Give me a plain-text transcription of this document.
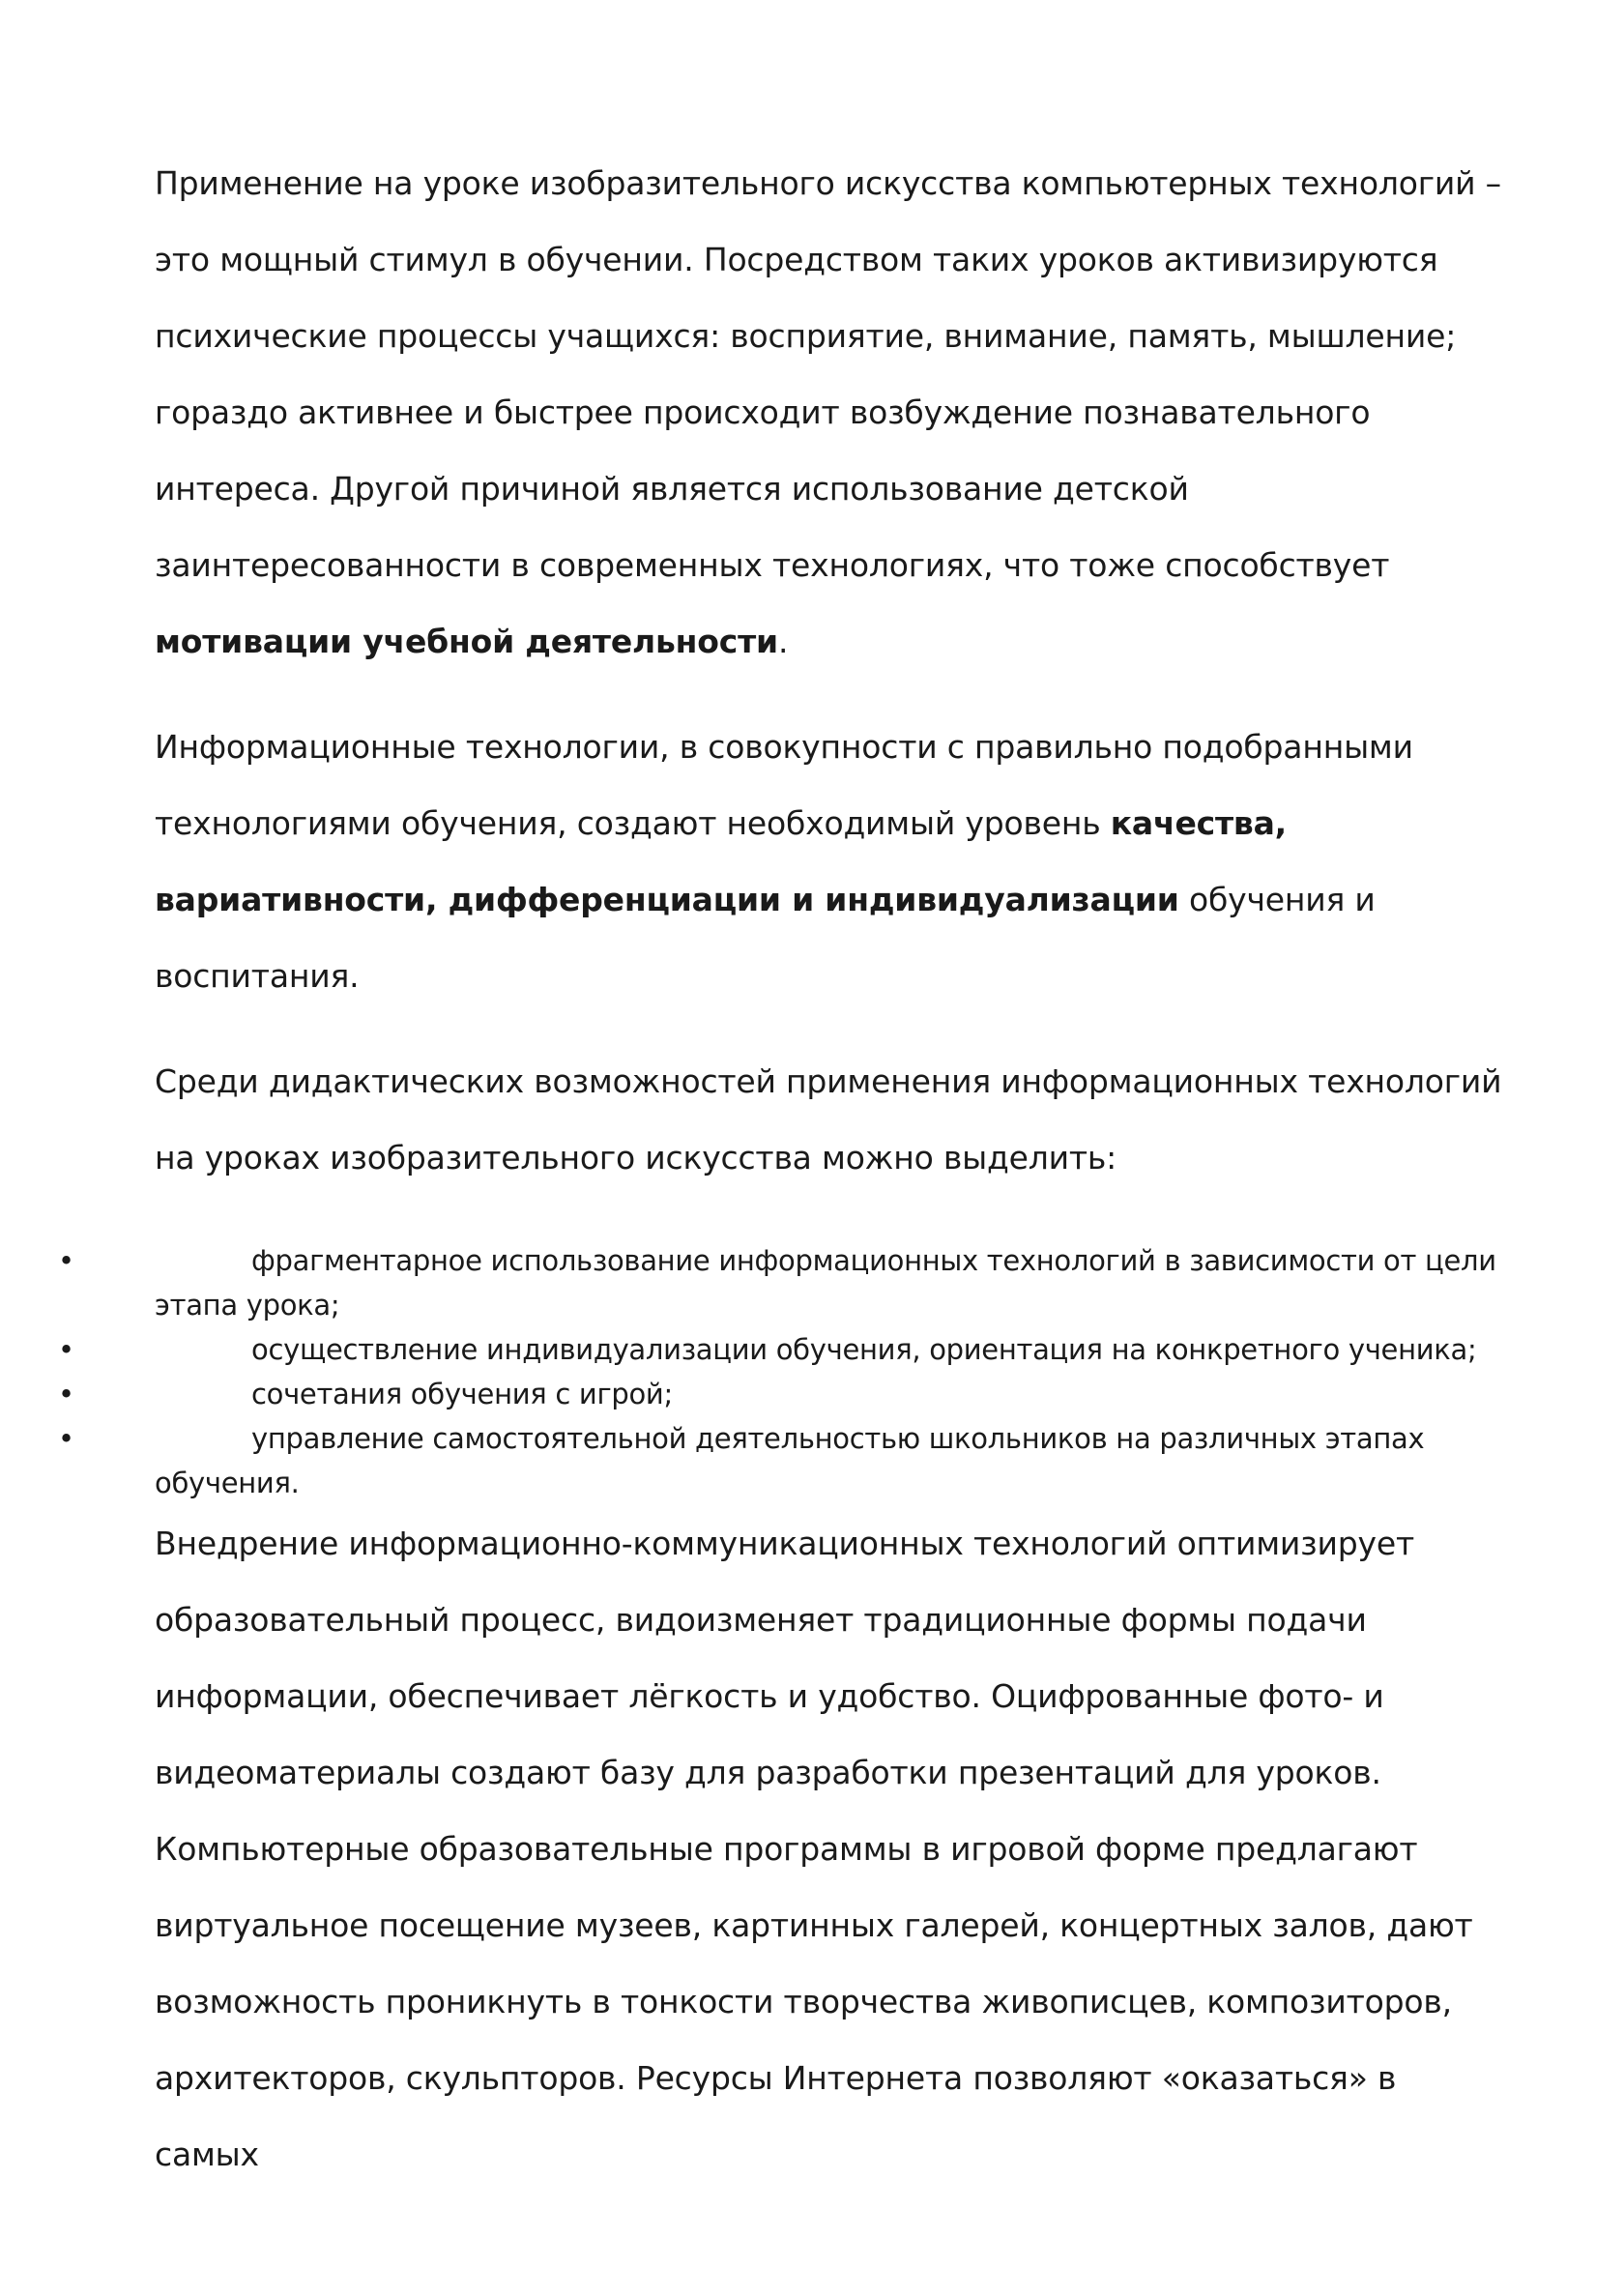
Применение на уроке изобразительного искусства компьютерных технологий – это мощный стимул в обучении. Посредством таких уроков активизируются психические процессы учащихся: восприятие, внимание, память, мышление; гораздо активнее и быстрее происходит возбуждение познавательного интереса. Другой причиной является использование детской заинтересованности в современных технологиях, что тоже способствует мотивации учебной деятельности.

Информационные технологии, в совокупности с правильно подобранными технологиями обучения, создают необходимый уровень качества, вариативности, дифференциации и индивидуализации обучения и воспитания.

Среди дидактических возможностей применения информационных технологий на уроках изобразительного искусства можно выделить:

•	фрагментарное использование информационных технологий в зависимости от цели этапа урока;
•	осуществление индивидуализации обучения, ориентация на конкретного ученика;
•	сочетания обучения с игрой;
•	управление самостоятельной деятельностью школьников на различных этапах обучения.

Внедрение информационно-коммуникационных технологий оптимизирует образовательный процесс, видоизменяет традиционные формы подачи информации, обеспечивает лёгкость и удобство. Оцифрованные фото- и видеоматериалы создают базу для разработки презентаций для уроков. Компьютерные образовательные программы в игровой форме предлагают виртуальное посещение музеев, картинных галерей, концертных залов, дают возможность проникнуть в тонкости творчества живописцев, композиторов, архитекторов, скульпторов. Ресурсы Интернета позволяют «оказаться» в самых
